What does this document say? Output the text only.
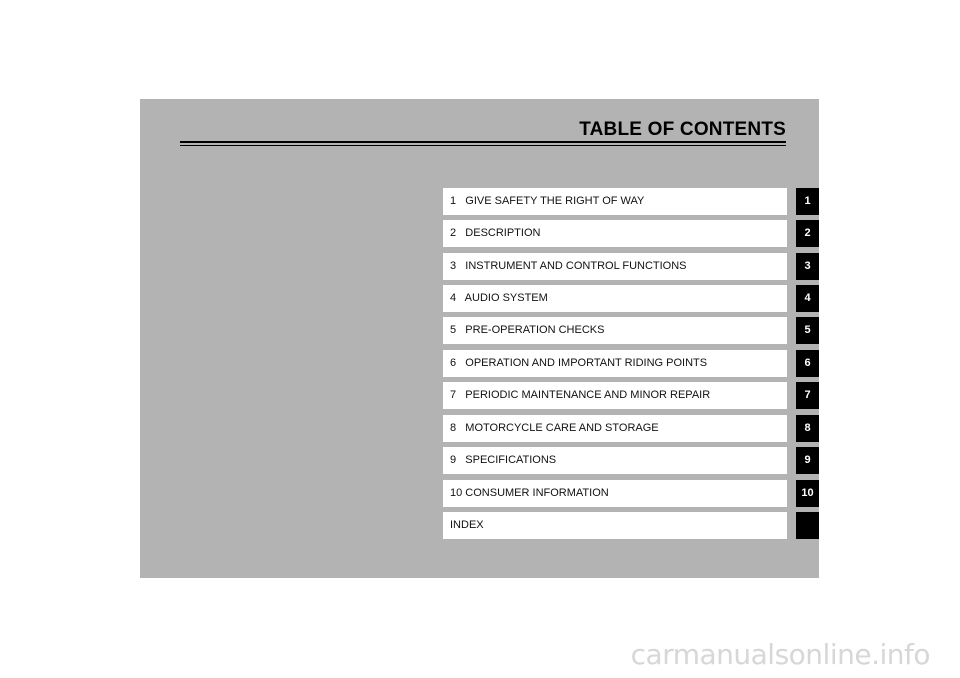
TABLE OF CONTENTS
1   GIVE SAFETY THE RIGHT OF WAY	1
2   DESCRIPTION	2
3   INSTRUMENT AND CONTROL FUNCTIONS	3
4   AUDIO SYSTEM	4
5   PRE-OPERATION CHECKS	5
6   OPERATION AND IMPORTANT RIDING POINTS	6
7   PERIODIC MAINTENANCE AND MINOR REPAIR	7
8   MOTORCYCLE CARE AND STORAGE	8
9   SPECIFICATIONS	9
10 CONSUMER INFORMATION	10
INDEX
carmanualsonline.info
